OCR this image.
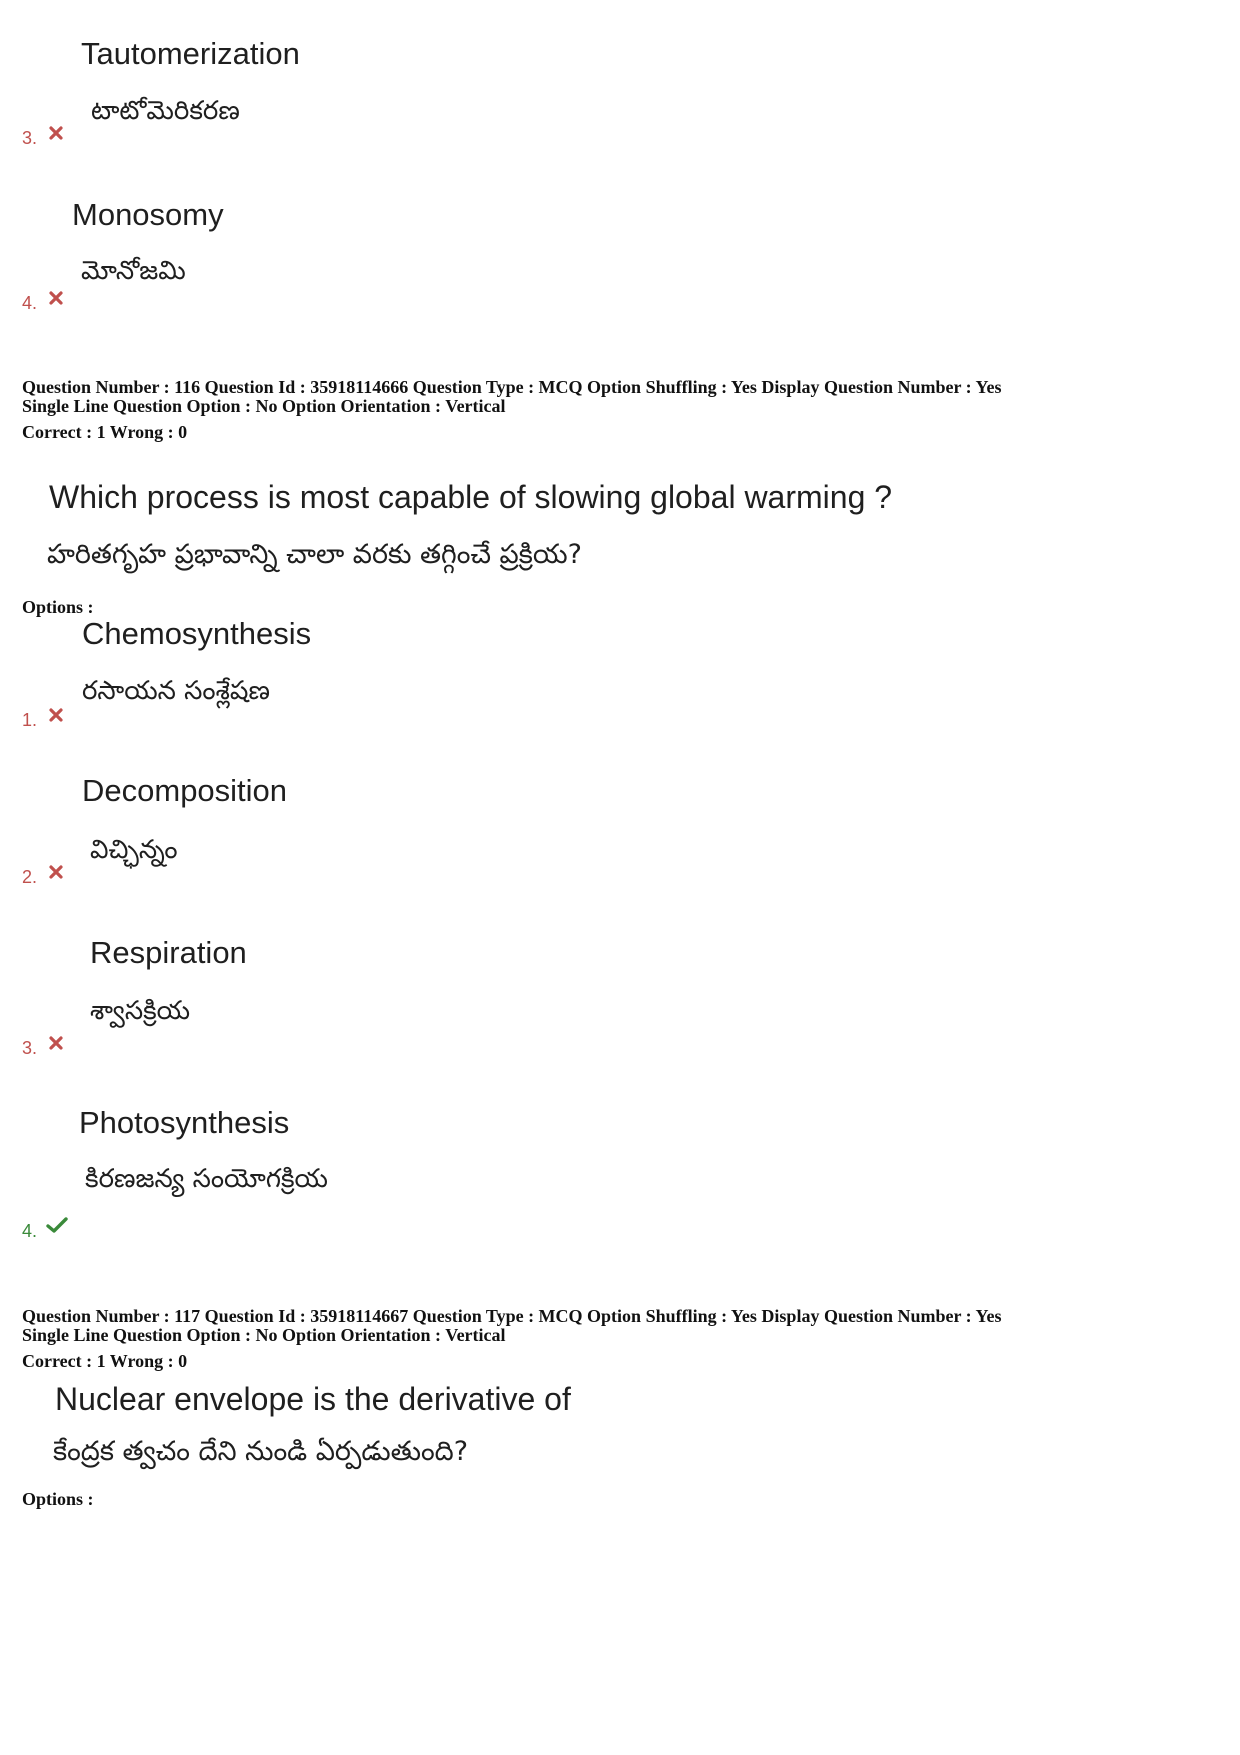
Tautomerization
టాటోమెరికరణ
3.
Monosomy
మోనోజమి
4.
Question Number : 116 Question Id : 35918114666 Question Type : MCQ Option Shuffling : Yes Display Question Number : Yes
Single Line Question Option : No Option Orientation : Vertical
Correct : 1 Wrong : 0
Which process is most capable of slowing global warming ?
హరితగృహ ప్రభావాన్ని చాలా వరకు తగ్గించే ప్రక్రియ?
Options :
Chemosynthesis
రసాయన సంశ్లేషణ
1.
Decomposition
విచ్ఛిన్నం
2.
Respiration
శ్వాసక్రియ
3.
Photosynthesis
కిరణజన్య సంయోగక్రియ
4.
Question Number : 117 Question Id : 35918114667 Question Type : MCQ Option Shuffling : Yes Display Question Number : Yes
Single Line Question Option : No Option Orientation : Vertical
Correct : 1 Wrong : 0
Nuclear envelope is the derivative of
కేంద్రక త్వచం దేని నుండి ఏర్పడుతుంది?
Options :
